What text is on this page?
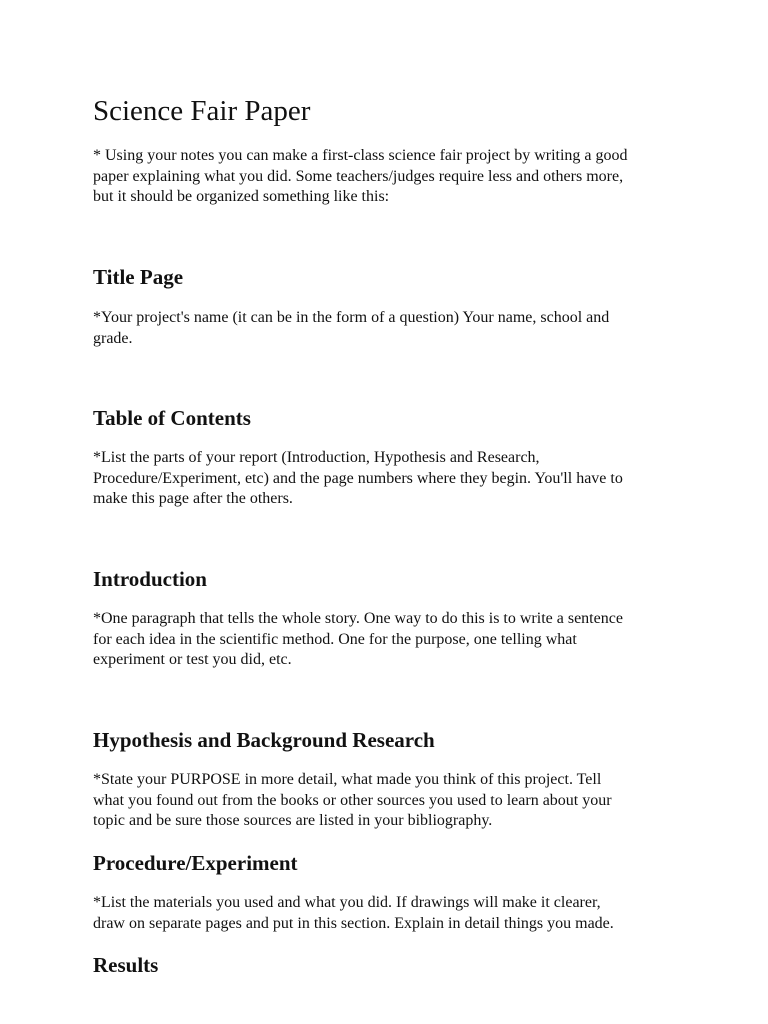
Science Fair Paper

* Using your notes you can make a first-class science fair project by writing a good
paper explaining what you did. Some teachers/judges require less and others more,
but it should be organized something like this:

Title Page

*Your project's name (it can be in the form of a question) Your name, school and
grade.

Table of Contents

*List the parts of your report (Introduction, Hypothesis and Research,
Procedure/Experiment, etc) and the page numbers where they begin. You'll have to
make this page after the others.

Introduction

*One paragraph that tells the whole story. One way to do this is to write a sentence
for each idea in the scientific method. One for the purpose, one telling what
experiment or test you did, etc.

Hypothesis and Background Research

*State your PURPOSE in more detail, what made you think of this project. Tell
what you found out from the books or other sources you used to learn about your
topic and be sure those sources are listed in your bibliography.

Procedure/Experiment

*List the materials you used and what you did. If drawings will make it clearer,
draw on separate pages and put in this section. Explain in detail things you made.

Results
